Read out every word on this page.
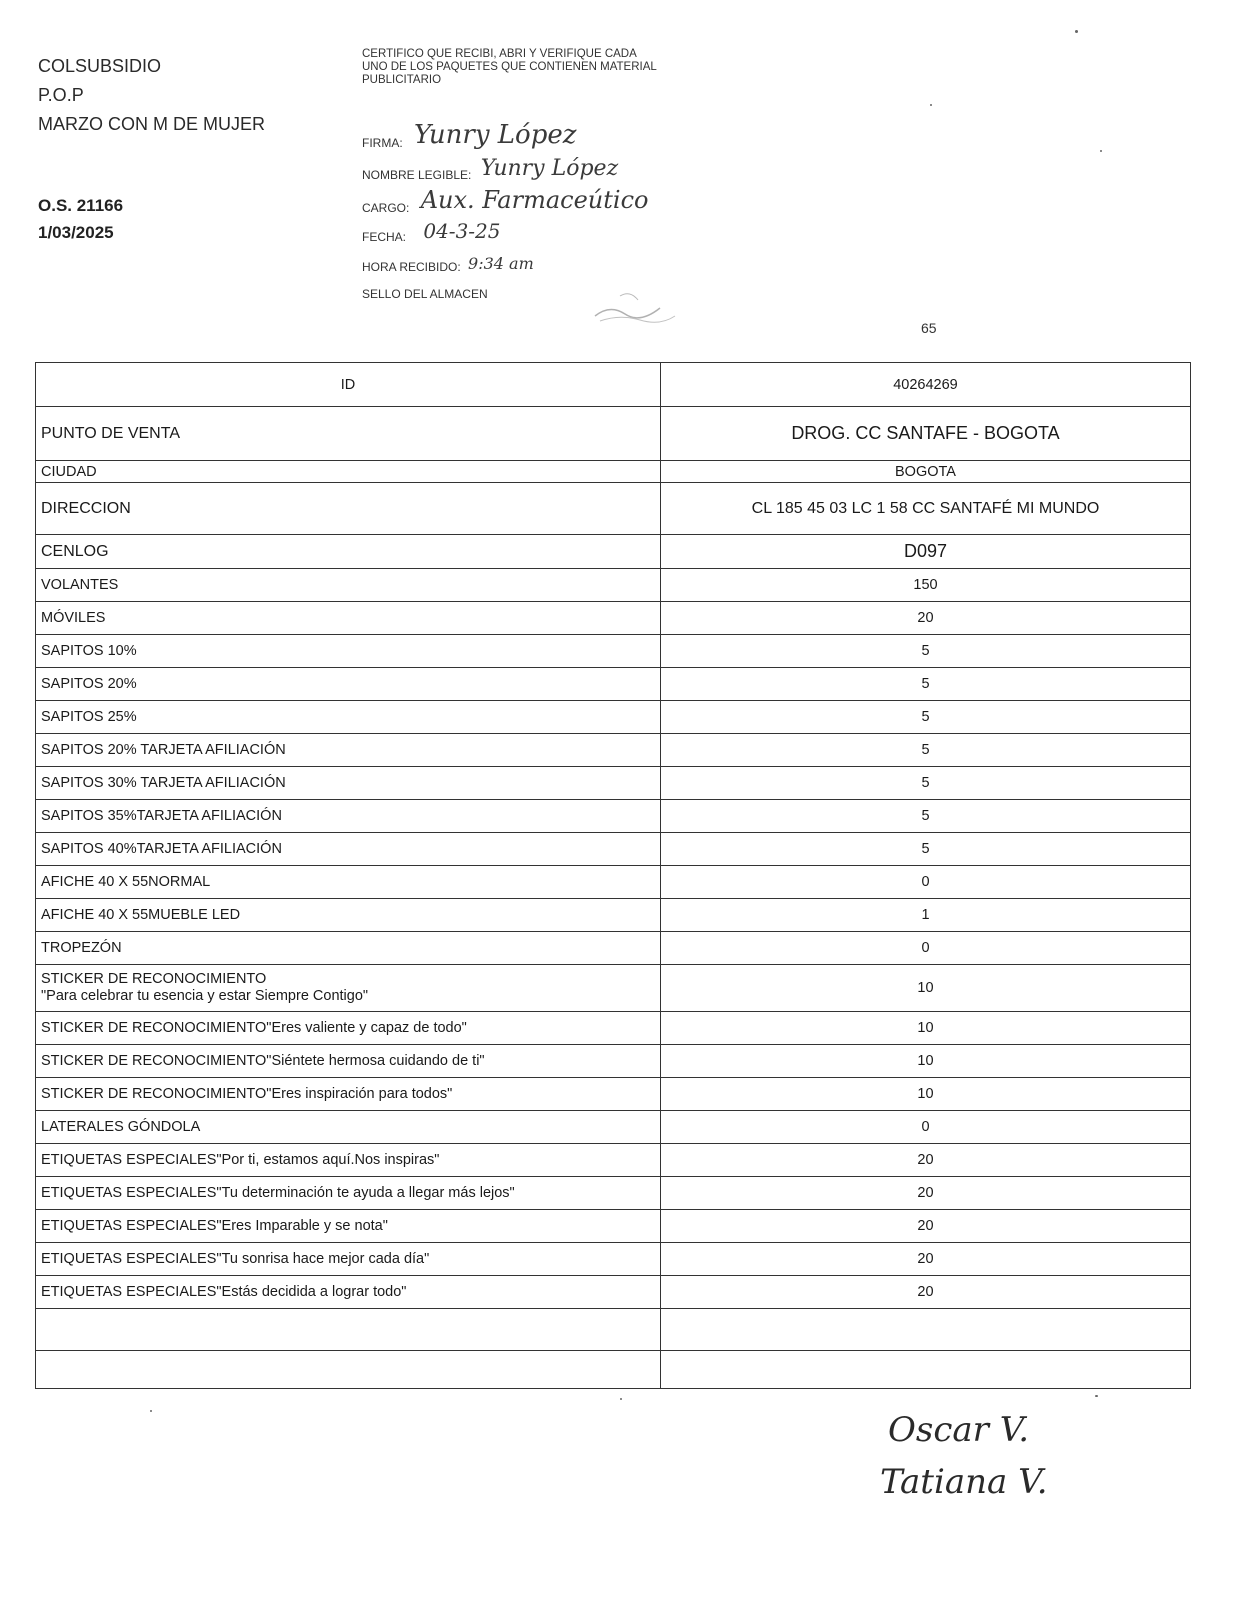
COLSUBSIDIO
P.O.P
MARZO CON M DE MUJER
O.S. 21166
1/03/2025
CERTIFICO QUE RECIBI, ABRI Y VERIFIQUE CADA UNO DE LOS PAQUETES QUE CONTIENEN MATERIAL PUBLICITARIO
FIRMA: Yunry López
NOMBRE LEGIBLE: Yunry López
CARGO: Aux. Farmaceútico
FECHA: 04-3-25
HORA RECIBIDO: 9:34 am
SELLO DEL ALMACEN
65
ID	40264269
PUNTO DE VENTA	DROG. CC SANTAFE - BOGOTA
CIUDAD	BOGOTA
DIRECCION	CL 185 45 03 LC 1 58 CC SANTAFÉ MI MUNDO
CENLOG	D097
VOLANTES	150
MÓVILES	20
SAPITOS 10%	5
SAPITOS 20%	5
SAPITOS 25%	5
SAPITOS 20% TARJETA AFILIACIÓN	5
SAPITOS 30% TARJETA AFILIACIÓN	5
SAPITOS 35%TARJETA AFILIACIÓN	5
SAPITOS 40%TARJETA AFILIACIÓN	5
AFICHE 40 X 55NORMAL	0
AFICHE 40 X 55MUEBLE LED	1
TROPEZÓN	0

STICKER DE RECONOCIMIENTO
"Para celebrar tu esencia y estar Siempre Contigo"	10
STICKER DE RECONOCIMIENTO"Eres valiente y capaz de todo"	10
STICKER DE RECONOCIMIENTO"Siéntete hermosa cuidando de ti"	10
STICKER DE RECONOCIMIENTO"Eres inspiración para todos"	10
LATERALES GÓNDOLA	0
ETIQUETAS ESPECIALES"Por ti, estamos aquí.Nos inspiras"	20
ETIQUETAS ESPECIALES"Tu determinación te ayuda a llegar más lejos"	20
ETIQUETAS ESPECIALES"Eres Imparable y se nota"	20
ETIQUETAS ESPECIALES"Tu sonrisa hace mejor cada día"	20
ETIQUETAS ESPECIALES"Estás decidida a lograr todo"	20

Oscar V.
Tatiana V.
